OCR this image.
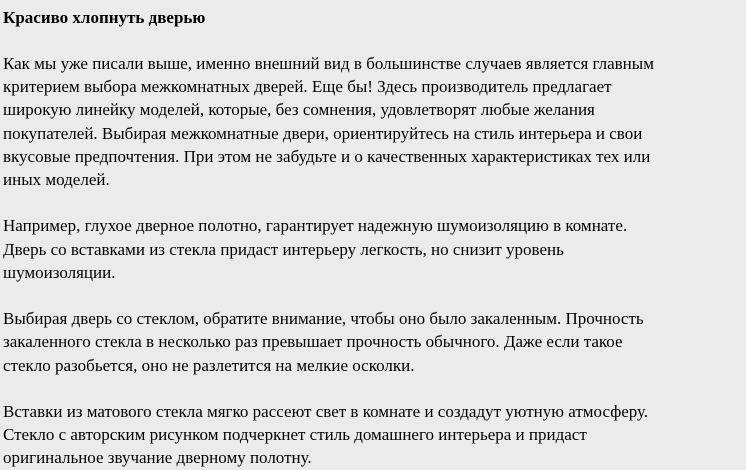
Красиво хлопнуть дверью

Как мы уже писали выше, именно внешний вид в большинстве случаев является главным
критерием выбора межкомнатных дверей. Еще бы! Здесь производитель предлагает
широкую линейку моделей, которые, без сомнения, удовлетворят любые желания
покупателей. Выбирая межкомнатные двери, ориентируйтесь на стиль интерьера и свои
вкусовые предпочтения. При этом не забудьте и о качественных характеристиках тех или
иных моделей.

Например, глухое дверное полотно, гарантирует надежную шумоизоляцию в комнате.
Дверь со вставками из стекла придаст интерьеру легкость, но снизит уровень
шумоизоляции.

Выбирая дверь со стеклом, обратите внимание, чтобы оно было закаленным. Прочность
закаленного стекла в несколько раз превышает прочность обычного. Даже если такое
стекло разобьется, оно не разлетится на мелкие осколки.

Вставки из матового стекла мягко рассеют свет в комнате и создадут уютную атмосферу.
Стекло с авторским рисунком подчеркнет стиль домашнего интерьера и придаст
оригинальное звучание дверному полотну.
